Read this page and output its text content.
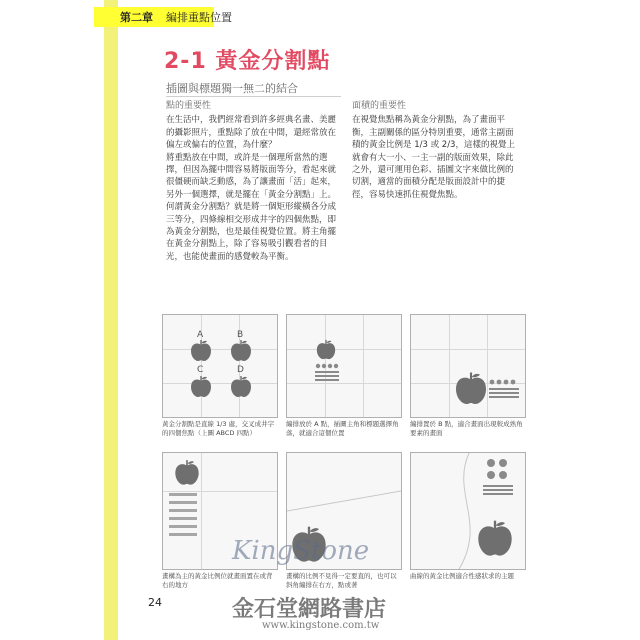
第二章 編排重點位置
2-1 黃金分割點
插圖與標題獨一無二的結合
點的重要性

在生活中，我們經常看到許多經典名畫、美麗的攝影照片，重點除了放在中間，還經常放在偏左或偏右的位置，為什麼？

將重點放在中間，或許是一個理所當然的選擇，但因為擺中間容易將版面等分，看起來就很僵硬而缺乏動感，為了讓畫面「活」起來，另外一個選擇，就是擺在「黃金分割點」上。

何謂黃金分割點？就是將一個矩形縱橫各分成三等分，四條線相交形成井字的四個焦點，即為黃金分割點，也是最佳視覺位置。將主角擺在黃金分割點上，除了容易吸引觀看者的目光，也能使畫面的感覺較為平衡。

面積的重要性

在視覺焦點稱為黃金分割點，為了畫面平衡，主副關係的區分特別重要，通常主副面積的黃金比例是 1/3 或 2/3，這樣的視覺上就會有大一小、一主一副的版面效果，除此之外，還可運用色彩、插圖文字來做比例的切割，適當的面積分配是版面設計中的捷徑，容易快速抓住視覺焦點。

A	B
C	D
黃金分割點是直線 1/3 處，交叉成井字的四個焦點（上圖 ABCD 四點）
編排放於 A 點，插圖主角和標題選擇角落，就適合這個位置
編排置於 B 點，適合畫面出現較成熟角要素的畫面
畫構為主的黃金比例位就畫面置在或背右的地方
畫構的比例不見得一定要直的，也可以斜角編排在右方，點或著
曲線的黃金比例適合性感狀求的主題
24
KingStone
金石堂網路書店
www.kingstone.com.tw
